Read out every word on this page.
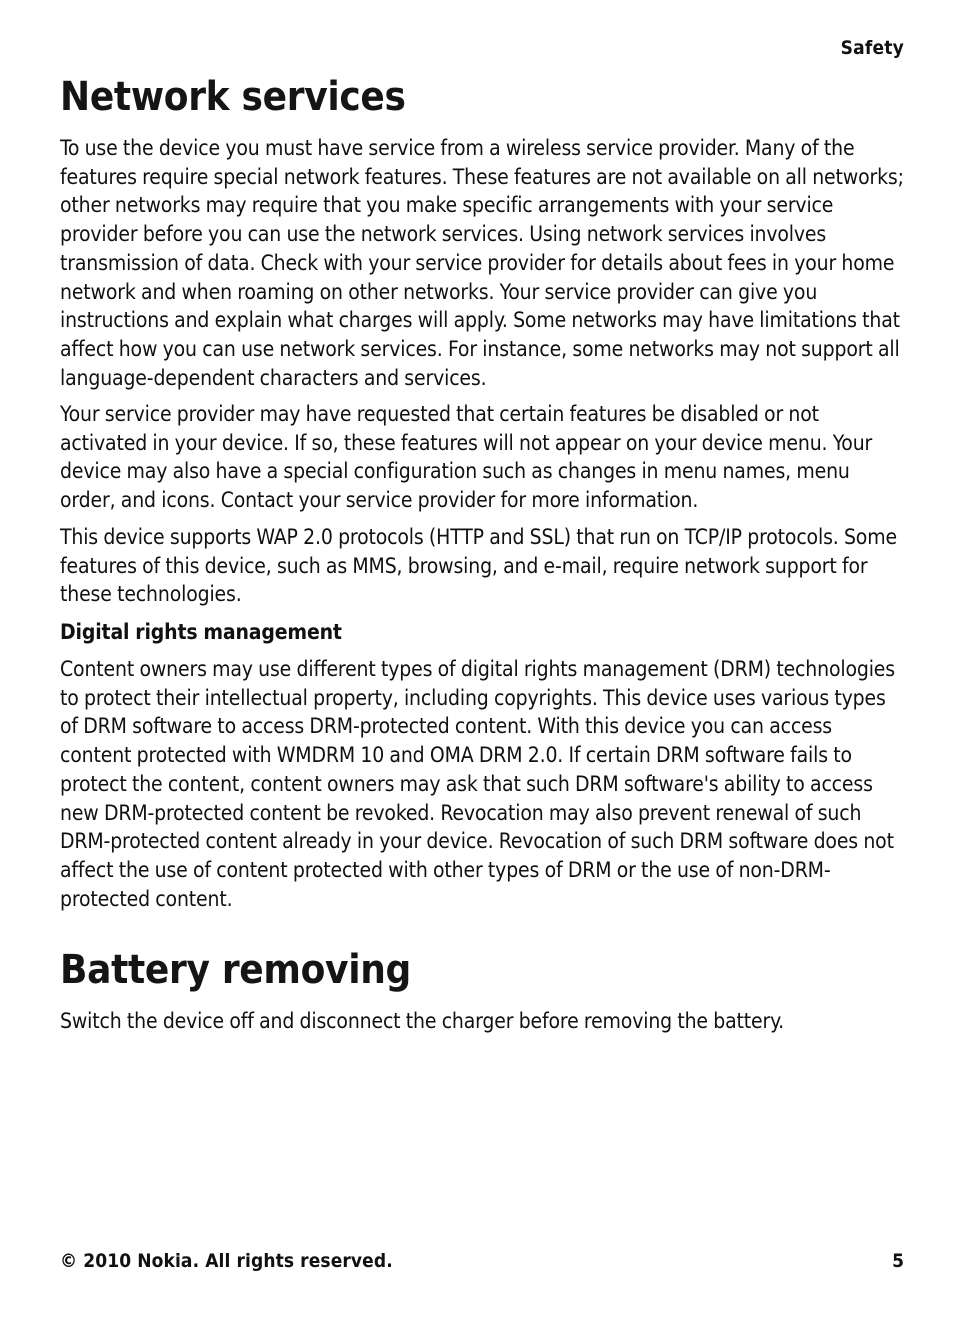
Safety
Network services
To use the device you must have service from a wireless service provider. Many of the features require special network features. These features are not available on all networks; other networks may require that you make specific arrangements with your service provider before you can use the network services. Using network services involves transmission of data. Check with your service provider for details about fees in your home network and when roaming on other networks. Your service provider can give you instructions and explain what charges will apply. Some networks may have limitations that affect how you can use network services. For instance, some networks may not support all language-dependent characters and services.
Your service provider may have requested that certain features be disabled or not activated in your device. If so, these features will not appear on your device menu. Your device may also have a special configuration such as changes in menu names, menu order, and icons. Contact your service provider for more information.
This device supports WAP 2.0 protocols (HTTP and SSL) that run on TCP/IP protocols. Some features of this device, such as MMS, browsing, and e-mail, require network support for these technologies.
Digital rights management
Content owners may use different types of digital rights management (DRM) technologies to protect their intellectual property, including copyrights. This device uses various types of DRM software to access DRM-protected content. With this device you can access content protected with WMDRM 10 and OMA DRM 2.0. If certain DRM software fails to protect the content, content owners may ask that such DRM software's ability to access new DRM-protected content be revoked. Revocation may also prevent renewal of such DRM-protected content already in your device. Revocation of such DRM software does not affect the use of content protected with other types of DRM or the use of non-DRM-protected content.
Battery removing
Switch the device off and disconnect the charger before removing the battery.
© 2010 Nokia. All rights reserved.	5
